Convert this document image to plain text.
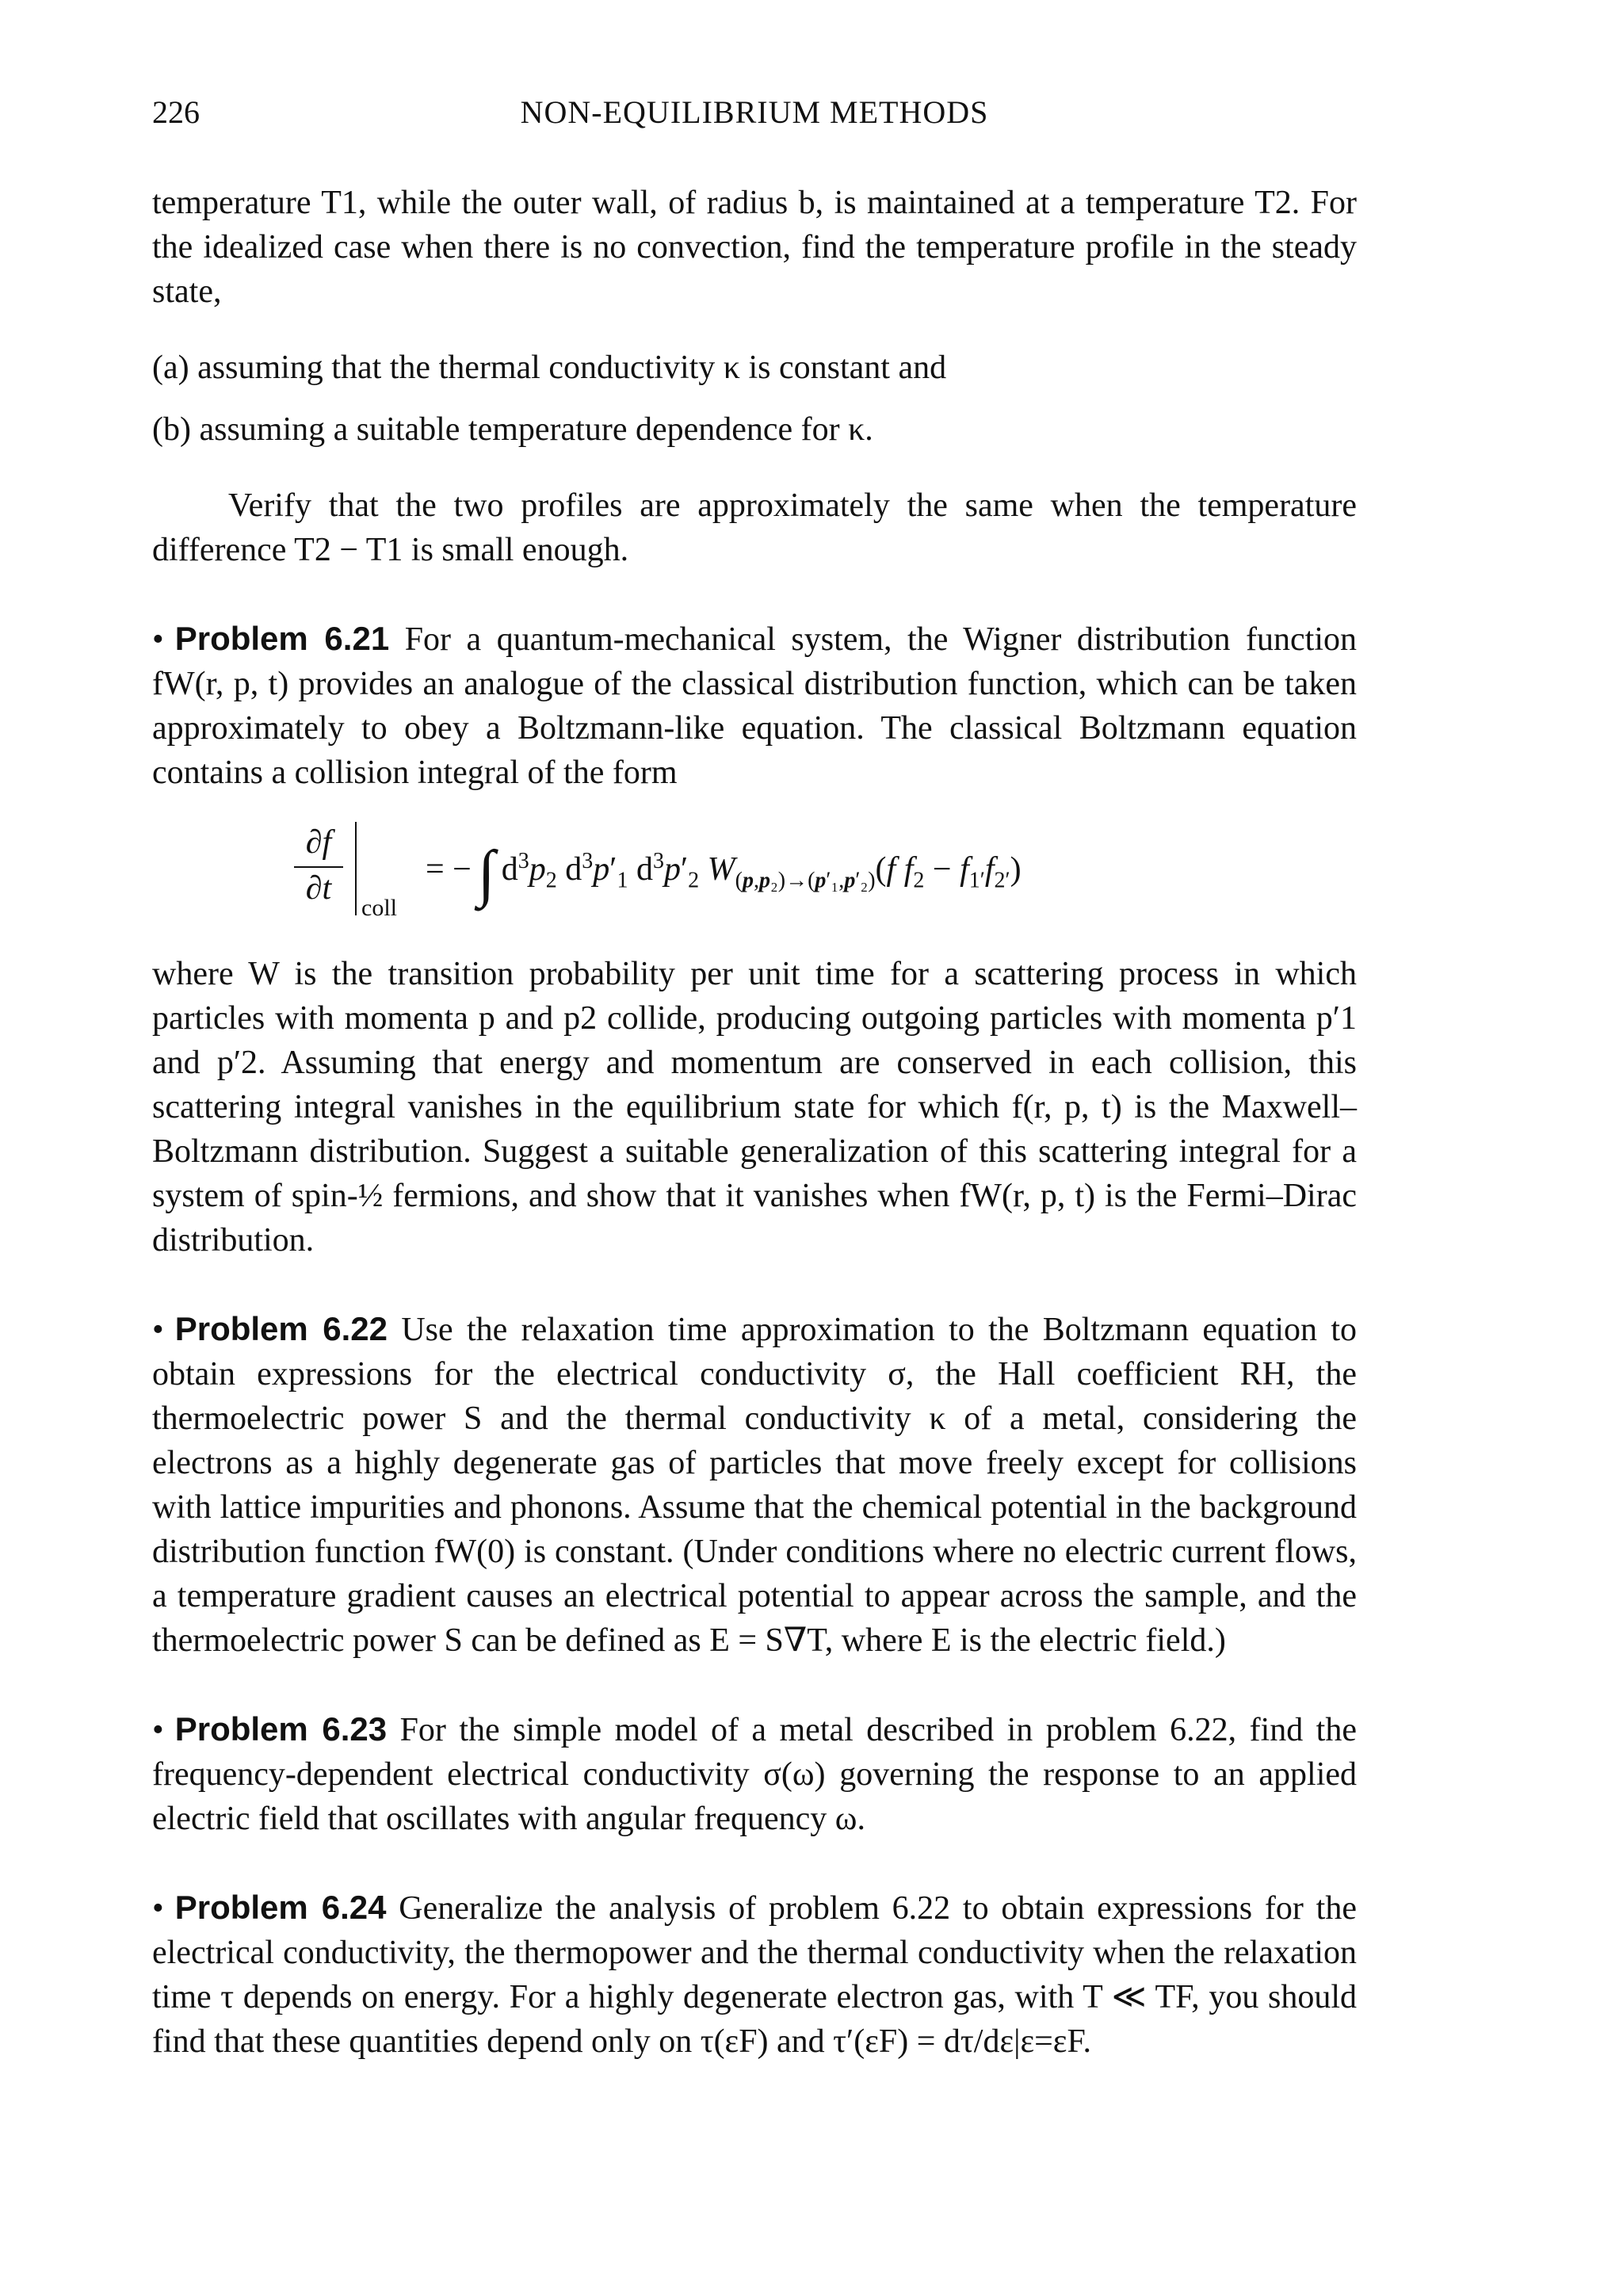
226	NON-EQUILIBRIUM METHODS

temperature T1, while the outer wall, of radius b, is maintained at a temperature T2. For the idealized case when there is no convection, find the temperature profile in the steady state,

(a) assuming that the thermal conductivity κ is constant and
(b) assuming a suitable temperature dependence for κ.

Verify that the two profiles are approximately the same when the temperature difference T2 − T1 is small enough.

• Problem 6.21 For a quantum-mechanical system, the Wigner distribution function fW(r, p, t) provides an analogue of the classical distribution function, which can be taken approximately to obey a Boltzmann-like equation. The classical Boltzmann equation contains a collision integral of the form

∂f
∂t
coll
= − ∫ $d^3p_2$ $d^3p'_1$ $d^3p'_2$ $W_{(p,p_2)\to(p'_1,p'_2)}(f$ $f_2 - f_{1'}f_{2'}$)

where W is the transition probability per unit time for a scattering process in which particles with momenta p and p2 collide, producing outgoing particles with momenta p′1 and p′2. Assuming that energy and momentum are conserved in each collision, this scattering integral vanishes in the equilibrium state for which f(r, p, t) is the Maxwell–Boltzmann distribution. Suggest a suitable generalization of this scattering integral for a system of spin-½ fermions, and show that it vanishes when fW(r, p, t) is the Fermi–Dirac distribution.

• Problem 6.22 Use the relaxation time approximation to the Boltzmann equation to obtain expressions for the electrical conductivity σ, the Hall coefficient RH, the thermoelectric power S and the thermal conductivity κ of a metal, considering the electrons as a highly degenerate gas of particles that move freely except for collisions with lattice impurities and phonons. Assume that the chemical potential in the background distribution function fW(0) is constant. (Under conditions where no electric current flows, a temperature gradient causes an electrical potential to appear across the sample, and the thermoelectric power S can be defined as E = S∇T, where E is the electric field.)

• Problem 6.23 For the simple model of a metal described in problem 6.22, find the frequency-dependent electrical conductivity σ(ω) governing the response to an applied electric field that oscillates with angular frequency ω.

• Problem 6.24 Generalize the analysis of problem 6.22 to obtain expressions for the electrical conductivity, the thermopower and the thermal conductivity when the relaxation time τ depends on energy. For a highly degenerate electron gas, with T ≪ TF, you should find that these quantities depend only on τ(εF) and τ′(εF) = dτ/dε|ε=εF.
